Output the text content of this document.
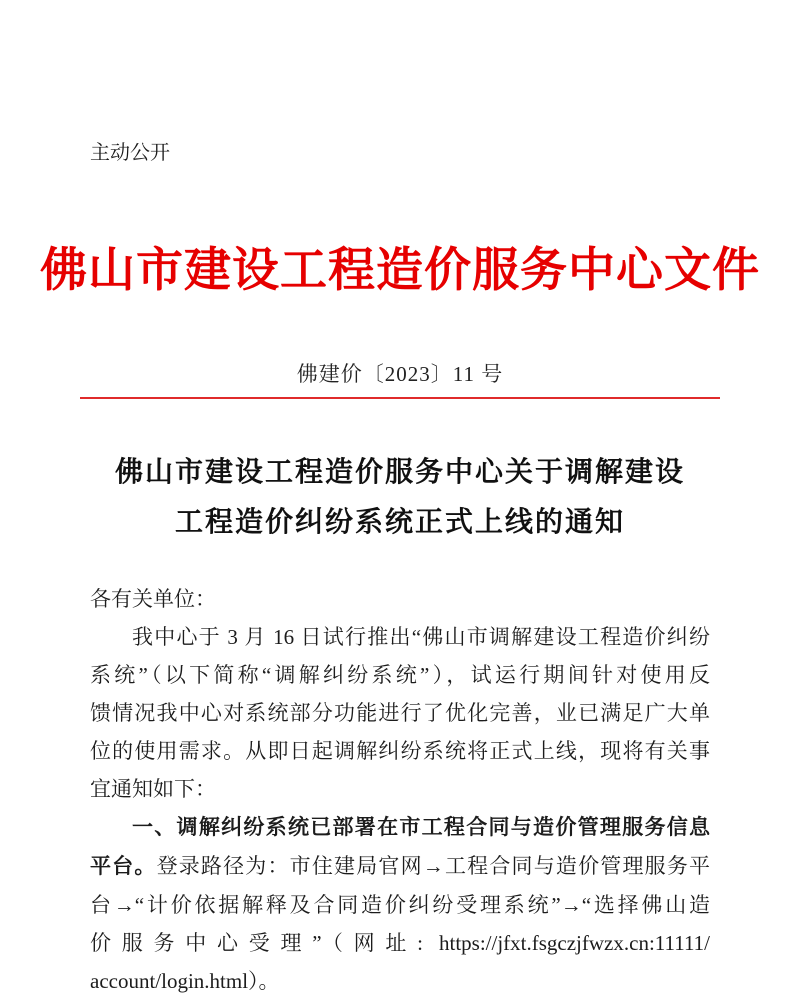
主动公开
佛山市建设工程造价服务中心文件
佛建价〔2023〕11 号
佛山市建设工程造价服务中心关于调解建设
工程造价纠纷系统正式上线的通知
各有关单位：
我中心于 3 月 16 日试行推出“佛山市调解建设工程造价纠纷
系统”（以下简称“调解纠纷系统”），试运行期间针对使用反
馈情况我中心对系统部分功能进行了优化完善，业已满足广大单
位的使用需求。从即日起调解纠纷系统将正式上线，现将有关事
宜通知如下：
一、调解纠纷系统已部署在市工程合同与造价管理服务信息
平台。登录路径为：市住建局官网→工程合同与造价管理服务平
台→“计价依据解释及合同造价纠纷受理系统”→“选择佛山造
价服务中心受理”（网址: https://jfxt.fsgczjfwzx.cn:11111/
account/login.html）。
